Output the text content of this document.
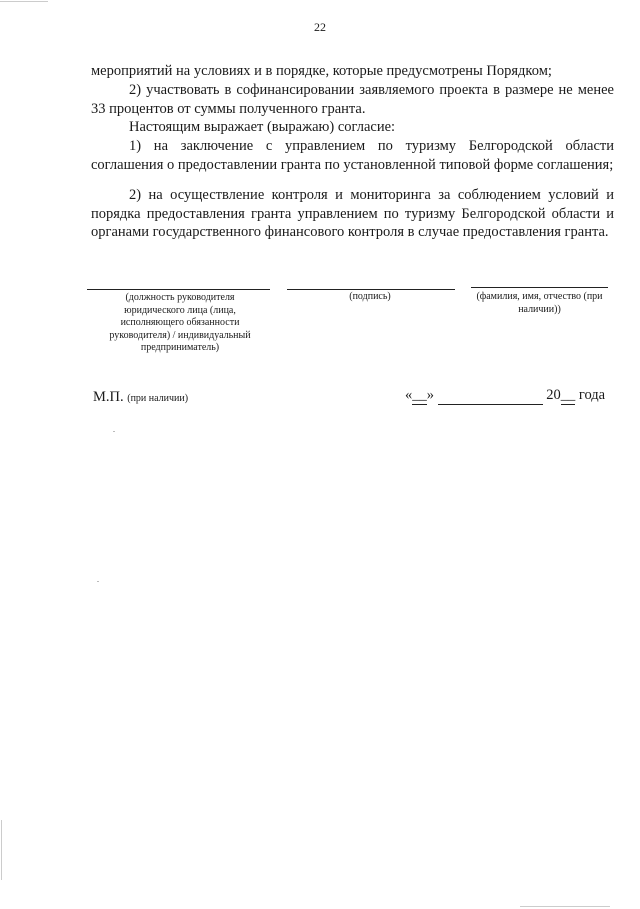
22

мероприятий на условиях и в порядке, которые предусмотрены Порядком;

2) участвовать в софинансировании заявляемого проекта в размере не менее 33 процентов от суммы полученного гранта.

Настоящим выражает (выражаю) согласие:

1) на заключение с управлением по туризму Белгородской области соглашения о предоставлении гранта по установленной типовой форме соглашения;

2) на осуществление контроля и мониторинга за соблюдением условий и порядка предоставления гранта управлением по туризму Белгородской области и органами государственного финансового контроля в случае предоставления гранта.

(должность руководителя юридического лица (лица, исполняющего обязанности руководителя) / индивидуальный предприниматель)
(подпись)	(фамилия, имя, отчество (при наличии))
М.П. (при наличии)	«__»	20__ года
